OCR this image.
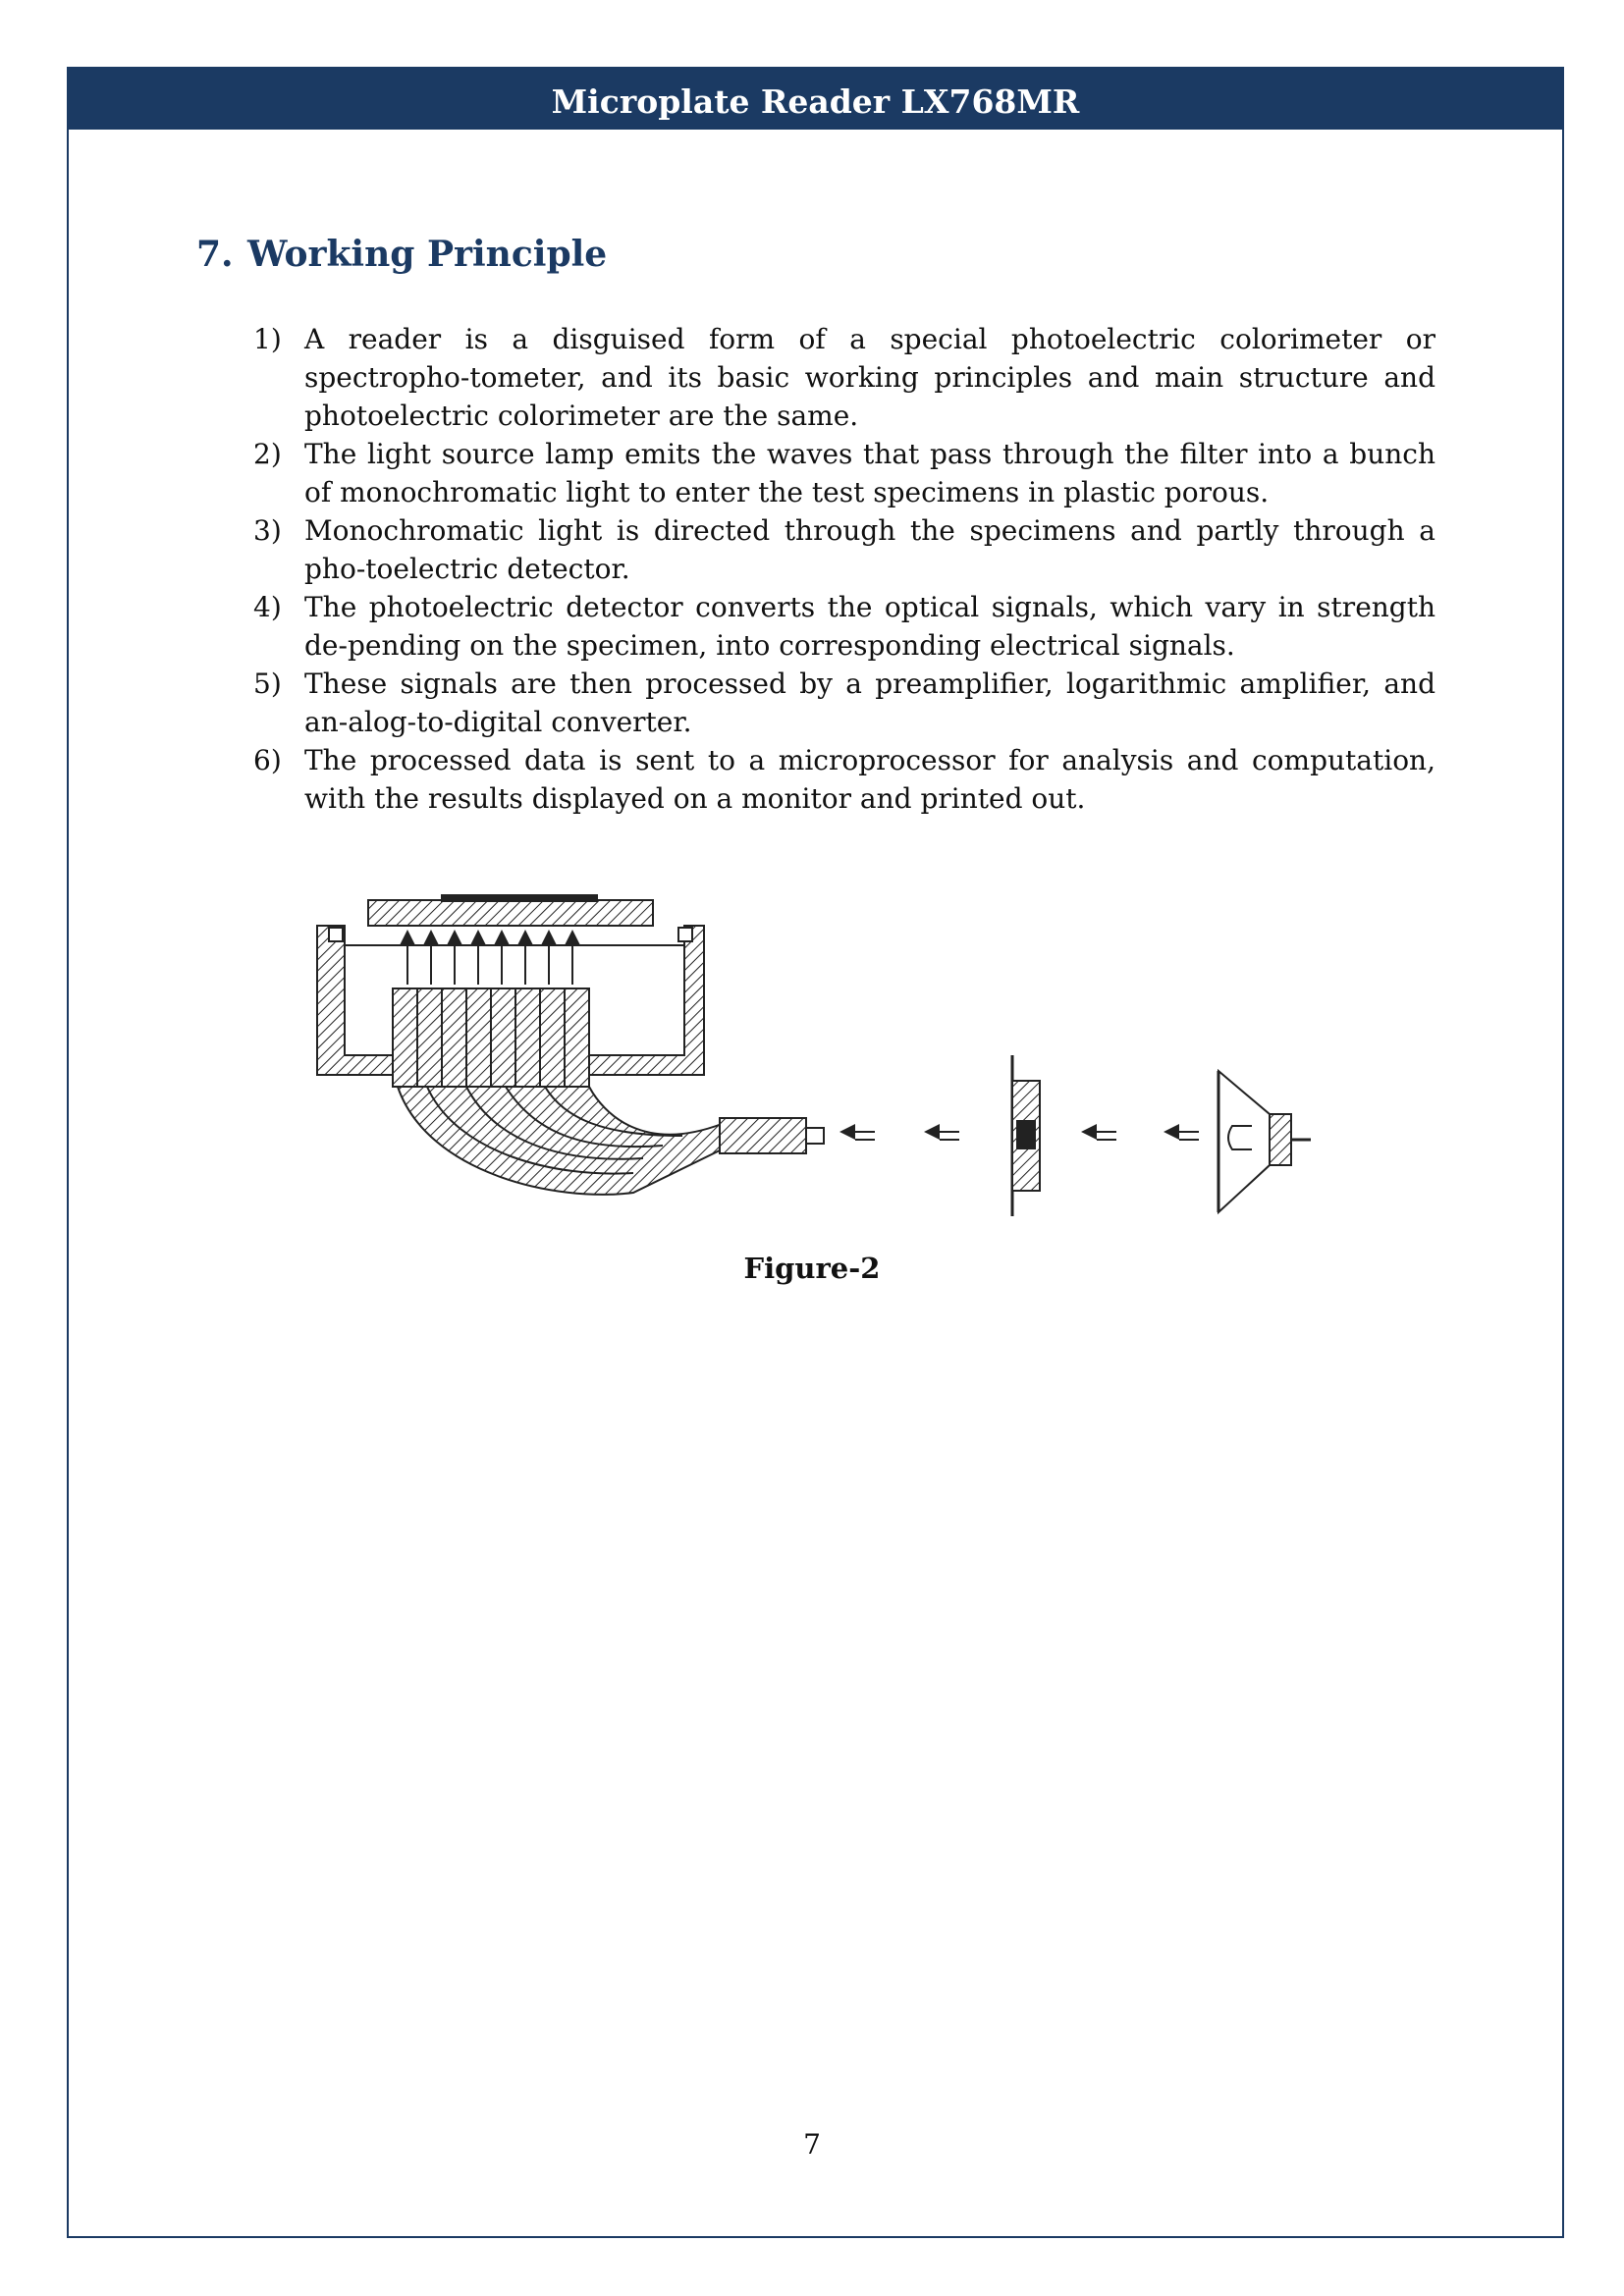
Microplate Reader LX768MR
7. Working Principle
1) A reader is a disguised form of a special photoelectric colorimeter or spectropho-tometer, and its basic working principles and main structure and photoelectric colorimeter are the same.
2) The light source lamp emits the waves that pass through the filter into a bunch of monochromatic light to enter the test specimens in plastic porous.
3) Monochromatic light is directed through the specimens and partly through a pho-toelectric detector.
4) The photoelectric detector converts the optical signals, which vary in strength de-pending on the specimen, into corresponding electrical signals.
5) These signals are then processed by a preamplifier, logarithmic amplifier, and an-alog-to-digital converter.
6) The processed data is sent to a microprocessor for analysis and computation, with the results displayed on a monitor and printed out.
Figure-2
7
